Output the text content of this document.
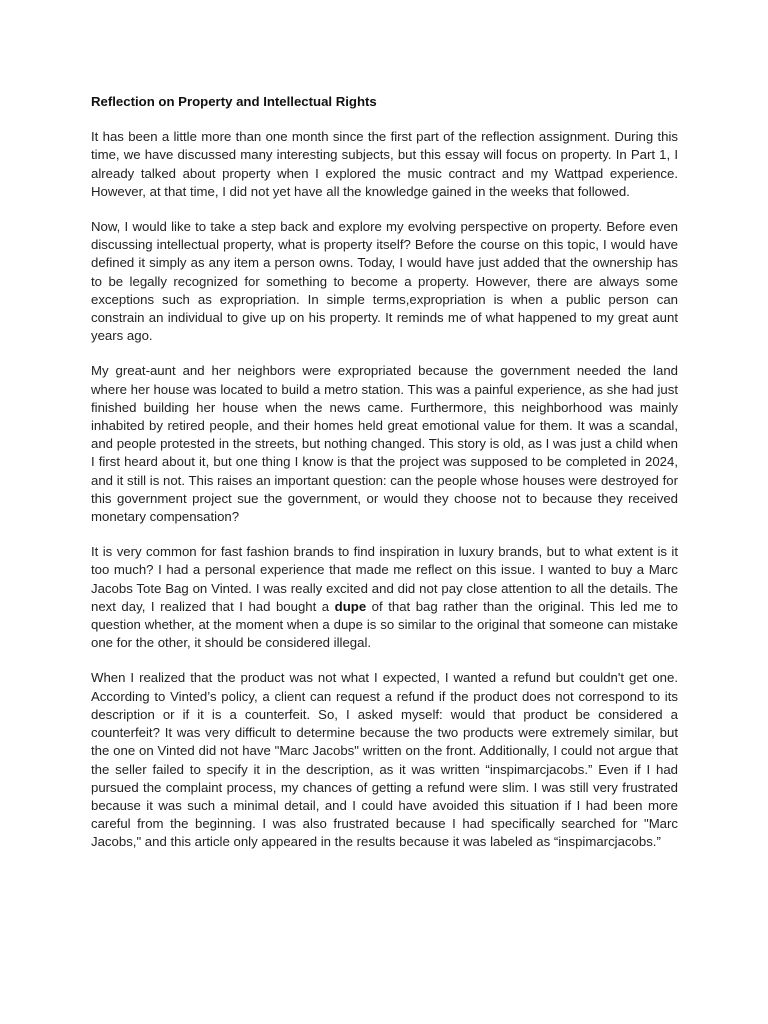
Reflection on Property and Intellectual Rights

It has been a little more than one month since the first part of the reflection assignment. During this time, we have discussed many interesting subjects, but this essay will focus on property. In Part 1, I already talked about property when I explored the music contract and my Wattpad experience. However, at that time, I did not yet have all the knowledge gained in the weeks that followed.

Now, I would like to take a step back and explore my evolving perspective on property. Before even discussing intellectual property, what is property itself? Before the course on this topic, I would have defined it simply as any item a person owns. Today, I would have just added that the ownership has to be legally recognized for something to become a property. However, there are always some exceptions such as expropriation. In simple terms,expropriation is when a public person can constrain an individual to give up on his property. It reminds me of what happened to my great aunt years ago.

My great-aunt and her neighbors were expropriated because the government needed the land where her house was located to build a metro station. This was a painful experience, as she had just finished building her house when the news came. Furthermore, this neighborhood was mainly inhabited by retired people, and their homes held great emotional value for them. It was a scandal, and people protested in the streets, but nothing changed. This story is old, as I was just a child when I first heard about it, but one thing I know is that the project was supposed to be completed in 2024, and it still is not. This raises an important question: can the people whose houses were destroyed for this government project sue the government, or would they choose not to because they received monetary compensation?

It is very common for fast fashion brands to find inspiration in luxury brands, but to what extent is it too much? I had a personal experience that made me reflect on this issue. I wanted to buy a Marc Jacobs Tote Bag on Vinted. I was really excited and did not pay close attention to all the details. The next day, I realized that I had bought a dupe of that bag rather than the original. This led me to question whether, at the moment when a dupe is so similar to the original that someone can mistake one for the other, it should be considered illegal.

When I realized that the product was not what I expected, I wanted a refund but couldn't get one. According to Vinted’s policy, a client can request a refund if the product does not correspond to its description or if it is a counterfeit. So, I asked myself: would that product be considered a counterfeit? It was very difficult to determine because the two products were extremely similar, but the one on Vinted did not have "Marc Jacobs" written on the front. Additionally, I could not argue that the seller failed to specify it in the description, as it was written “inspimarcjacobs.” Even if I had pursued the complaint process, my chances of getting a refund were slim. I was still very frustrated because it was such a minimal detail, and I could have avoided this situation if I had been more careful from the beginning. I was also frustrated because I had specifically searched for "Marc Jacobs," and this article only appeared in the results because it was labeled as “inspimarcjacobs.”
